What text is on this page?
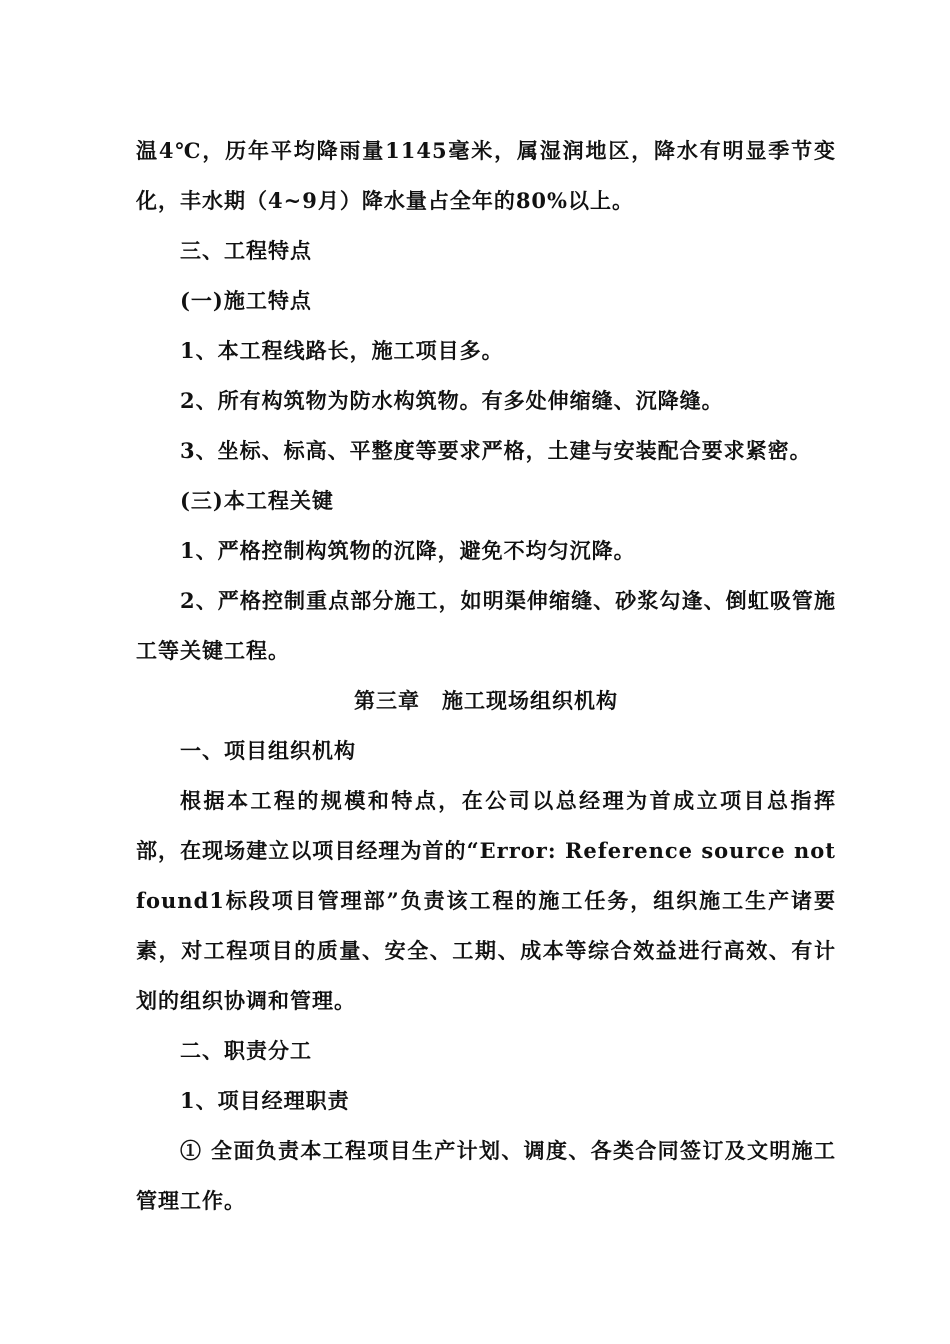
温4℃，历年平均降雨量1145毫米，属湿润地区，降水有明显季节变化，丰水期（4~9月）降水量占全年的80%以上。

三、工程特点

(一)施工特点

1、本工程线路长，施工项目多。

2、所有构筑物为防水构筑物。有多处伸缩缝、沉降缝。

3、坐标、标高、平整度等要求严格，土建与安装配合要求紧密。

(三)本工程关键

1、严格控制构筑物的沉降，避免不均匀沉降。

2、严格控制重点部分施工，如明渠伸缩缝、砂浆勾逢、倒虹吸管施工等关键工程。

第三章　施工现场组织机构

一、项目组织机构

根据本工程的规模和特点，在公司以总经理为首成立项目总指挥部，在现场建立以项目经理为首的“Error: Reference source not found1标段项目管理部”负责该工程的施工任务，组织施工生产诸要素，对工程项目的质量、安全、工期、成本等综合效益进行高效、有计划的组织协调和管理。

二、职责分工

1、项目经理职责

① 全面负责本工程项目生产计划、调度、各类合同签订及文明施工管理工作。
